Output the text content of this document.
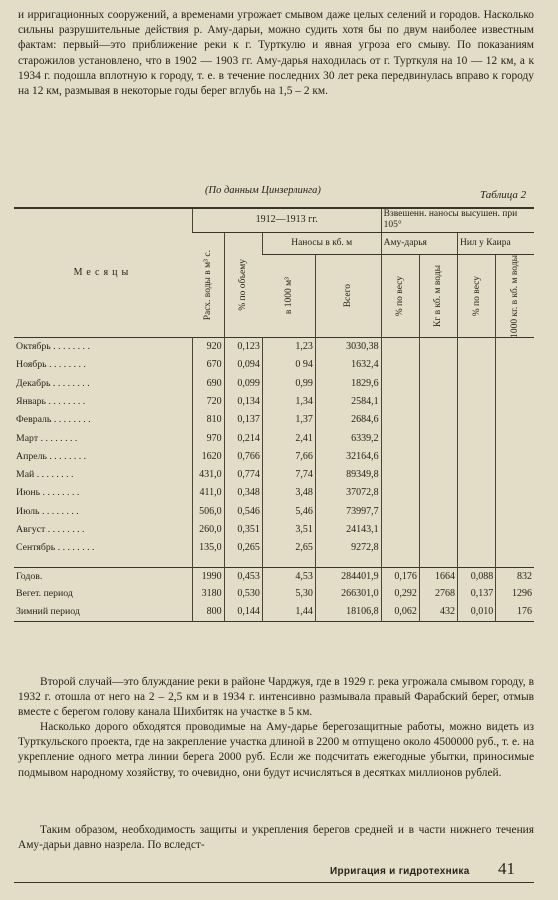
и ирригационных сооружений, а временами угрожает смывом даже целых селений и городов. Насколько сильны разрушительные действия р. Аму-дарьи, можно судить хотя бы по двум наиболее известным фактам: первый—это приближение реки к г. Турткулю и явная угроза его смыву. По показаниям старожилов установлено, что в 1902 — 1903 гг. Аму-дарья находилась от г. Турткуля на 10 — 12 км, а к 1934 г. подошла вплотную к городу, т. е. в течение последних 30 лет река передвинулась вправо к городу на 12 км, размывая в некоторые годы берег вглубь на 1,5 – 2 км.

(По данным Цинзерлинга)	Таблица 2
Месяцы	1912—1913 гг.				Взвешенн. наносы высушен. при 105°			

	Расх. воды в м³ с.	% по объему	Наносы в кб. м		Аму-дарья		Нил у Каира	

			в 1000 м³	Всего	% по весу	Кг в кб. м воды	% по весу	1000 кг. в кб. м воды

Октябрь . . . . . . . .	920	0,123	1,23	3030,38				
Ноябрь . . . . . . . .	670	0,094	0 94	1632,4				
Декабрь . . . . . . . .	690	0,099	0,99	1829,6				
Январь . . . . . . . .	720	0,134	1,34	2584,1				
Февраль . . . . . . . .	810	0,137	1,37	2684,6				
Март . . . . . . . .	970	0,214	2,41	6339,2				
Апрель . . . . . . . .	1620	0,766	7,66	32164,6				
Май . . . . . . . .	431,0	0,774	7,74	89349,8				
Июнь . . . . . . . .	411,0	0,348	3,48	37072,8				
Июль . . . . . . . .	506,0	0,546	5,46	73997,7				
Август . . . . . . . .	260,0	0,351	3,51	24143,1				
Сентябрь . . . . . . . .	135,0	0,265	2,65	9272,8				

Годов.	1990	0,453	4,53	284401,9	0,176	1664	0,088	832
Вегет. период	3180	0,530	5,30	266301,0	0,292	2768	0,137	1296
Зимний период	800	0,144	1,44	18106,8	0,062	432	0,010	176

Второй случай—это блуждание реки в районе Чарджуя, где в 1929 г. река угрожала смывом городу, в 1932 г. отошла от него на 2 – 2,5 км и в 1934 г. интенсивно размывала правый Фарабский берег, отмыв вместе с берегом голову канала Шихбитяк на участке в 5 км.

Насколько дорого обходятся проводимые на Аму-дарье берегозащитные работы, можно видеть из Турткульского проекта, где на закрепление участка длиной в 2200 м отпущено около 4500000 руб., т. е. на укрепление одного метра линии берега 2000 руб. Если же подсчитать ежегодные убытки, приносимые подмывом народному хозяйству, то очевидно, они будут исчисляться в десятках миллионов рублей.

Таким образом, необходимость защиты и укрепления берегов средней и в части нижнего течения Аму-дарьи давно назрела. По вследст-

Ирригация и гидротехника 41
